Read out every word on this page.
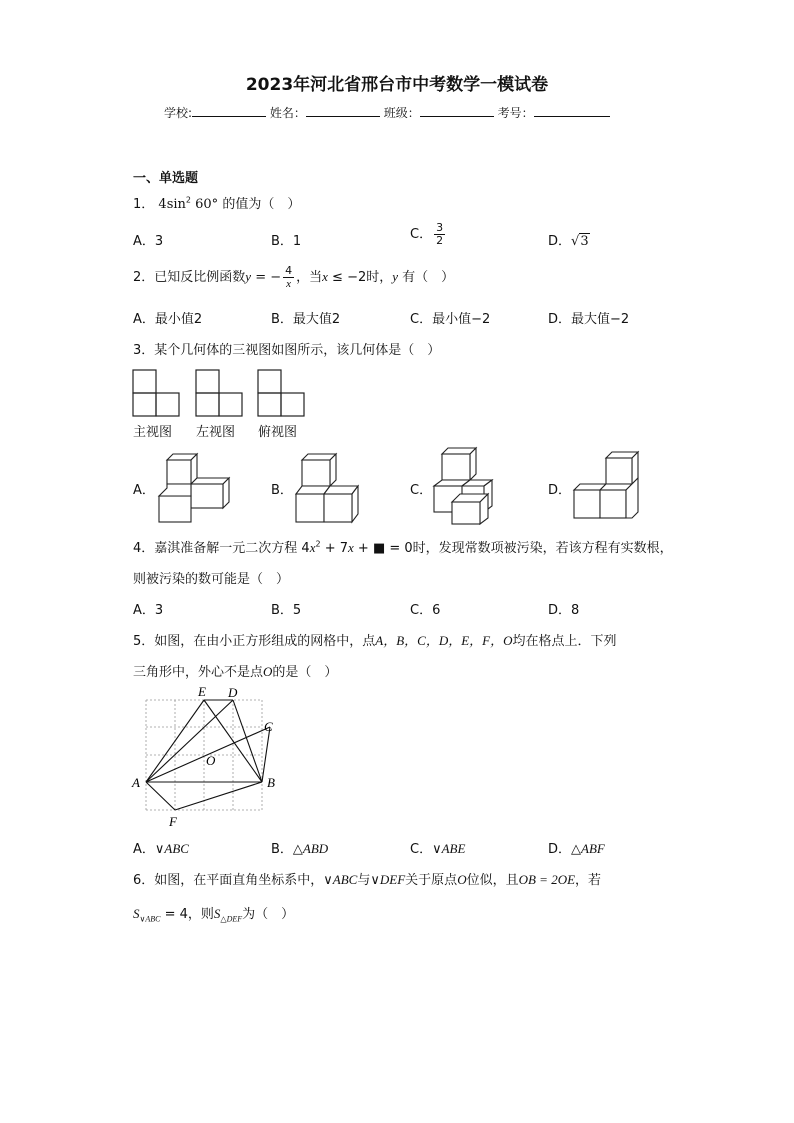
2023年河北省邢台市中考数学一模试卷
学校:	姓名：	班级：	考号：
一、单选题
1． $4\sin^2$ 60° 的值为（　）
A．3	B．1	C． $\frac{3}{2}$	D．√3
2．已知反比例函数y = − $\frac{4}{x}$ ，当x ≤ −2时，y 有（　）
A．最小值2	B．最大值2	C．最小值−2	D．最大值−2
3．某个几何体的三视图如图所示，该几何体是（　）
主视图 左视图 俯视图
A．	B．	C．	D．
4．嘉淇准备解一元二次方程 $4x^2 + 7x$ + ■ = 0时，发现常数项被污染，若该方程有实数根，
则被污染的数可能是（　）
A．3	B．5	C．6	D．8
5．如图，在由小正方形组成的网格中，点A，B，C，D，E，F，O均在格点上．下列
三角形中，外心不是点O的是（　）
A	B
C
D
E
F
O
A．∨ABC	B．△ABD	C．∨ABE	D．△ABF
6．如图，在平面直角坐标系中，∨ABC与∨DEF关于原点O位似，且OB = 2OE，若
$S_{\vee ABC} = 4$，则$S_{\triangle DEF}$为（　）
